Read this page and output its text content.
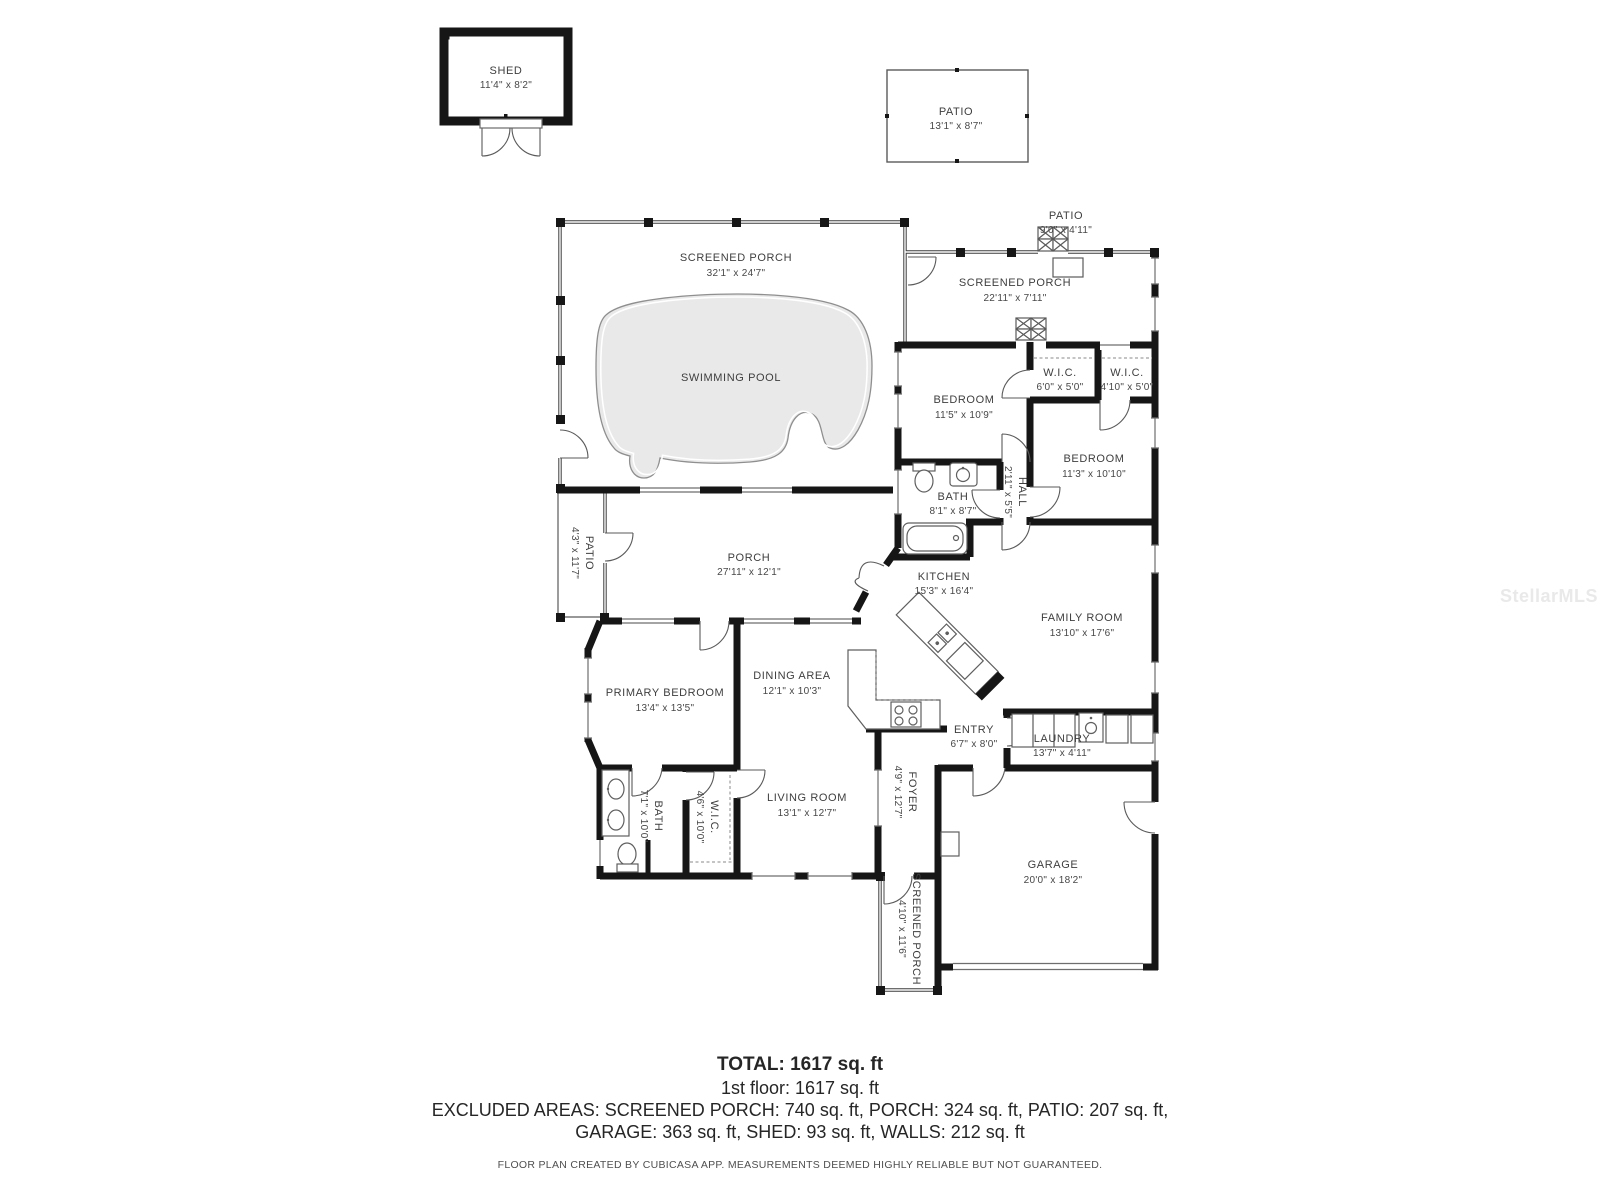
SHED
11'4" x 8'2"
PATIO
13'1" x 8'7"
SCREENED PORCH
32'1" x 24'7"
SWIMMING POOL
PATIO
9'0" x 4'11"
SCREENED PORCH
22'11" x 7'11"
W.I.C.
6'0" x 5'0"
W.I.C.
4'10" x 5'0"
BEDROOM
11'5" x 10'9"
BEDROOM
11'3" x 10'10"
BATH
8'1" x 8'7"
HALL
2'11" x 5'5"
PATIO
4'3" x 11'7"	PORCH
27'11" x 12'1"	KITCHEN
15'3" x 16'4"
FAMILY ROOM
13'10" x 17'6"
PRIMARY BEDROOM
13'4" x 13'5"
DINING AREA
12'1" x 10'3"
LIVING ROOM
13'1" x 12'7"
BATH
7'1" x 10'0"	W.I.C.
4'6" x 10'0"
ENTRY
6'7" x 8'0"	LAUNDRY
13'7" x 4'11"
FOYER
4'9" x 12'7"
GARAGE
20'0" x 18'2"
SCREENED PORCH
4'10" x 11'6"
TOTAL: 1617 sq. ft
1st floor: 1617 sq. ft
EXCLUDED AREAS: SCREENED PORCH: 740 sq. ft, PORCH: 324 sq. ft, PATIO: 207 sq. ft,
GARAGE: 363 sq. ft, SHED: 93 sq. ft, WALLS: 212 sq. ft
FLOOR PLAN CREATED BY CUBICASA APP. MEASUREMENTS DEEMED HIGHLY RELIABLE BUT NOT GUARANTEED.
StellarMLS
